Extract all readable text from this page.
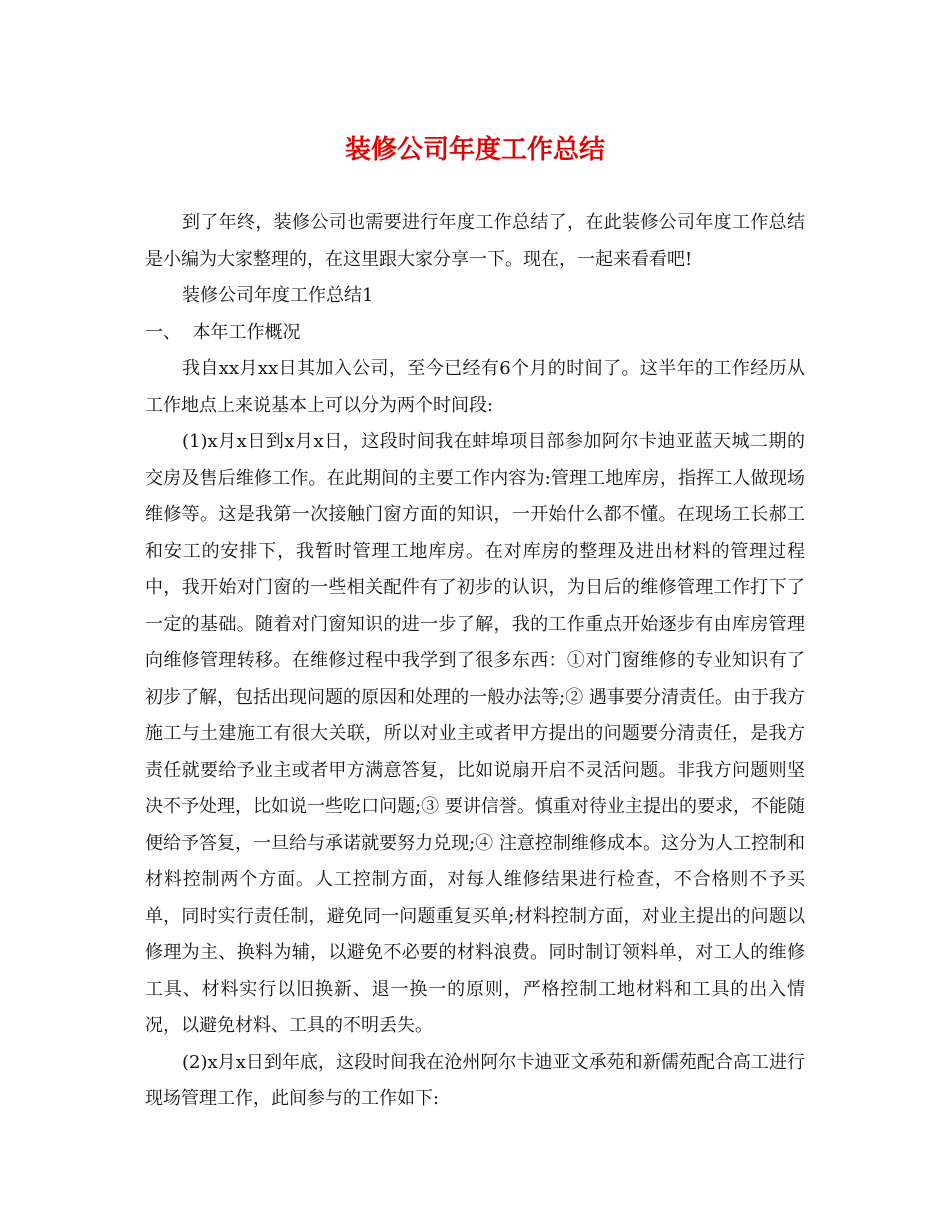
装修公司年度工作总结

到了年终，装修公司也需要进行年度工作总结了，在此装修公司年度工作总结是小编为大家整理的，在这里跟大家分享一下。现在，一起来看看吧!

装修公司年度工作总结1

一、  本年工作概况

我自xx月xx日其加入公司，至今已经有6个月的时间了。这半年的工作经历从工作地点上来说基本上可以分为两个时间段:

(1)x月x日到x月x日，这段时间我在蚌埠项目部参加阿尔卡迪亚蓝天城二期的交房及售后维修工作。在此期间的主要工作内容为:管理工地库房，指挥工人做现场维修等。这是我第一次接触门窗方面的知识，一开始什么都不懂。在现场工长郝工和安工的安排下，我暂时管理工地库房。在对库房的整理及进出材料的管理过程中，我开始对门窗的一些相关配件有了初步的认识，为日后的维修管理工作打下了一定的基础。随着对门窗知识的进一步了解，我的工作重点开始逐步有由库房管理向维修管理转移。在维修过程中我学到了很多东西：①对门窗维修的专业知识有了初步了解，包括出现问题的原因和处理的一般办法等;② 遇事要分清责任。由于我方施工与土建施工有很大关联，所以对业主或者甲方提出的问题要分清责任，是我方责任就要给予业主或者甲方满意答复，比如说扇开启不灵活问题。非我方问题则坚决不予处理，比如说一些吃口问题;③ 要讲信誉。慎重对待业主提出的要求，不能随便给予答复，一旦给与承诺就要努力兑现;④ 注意控制维修成本。这分为人工控制和材料控制两个方面。人工控制方面，对每人维修结果进行检查，不合格则不予买单，同时实行责任制，避免同一问题重复买单;材料控制方面，对业主提出的问题以修理为主、换料为辅，以避免不必要的材料浪费。同时制订领料单，对工人的维修工具、材料实行以旧换新、退一换一的原则，严格控制工地材料和工具的出入情况，以避免材料、工具的不明丢失。

(2)x月x日到年底，这段时间我在沧州阿尔卡迪亚文承苑和新儒苑配合高工进行现场管理工作，此间参与的工作如下:
